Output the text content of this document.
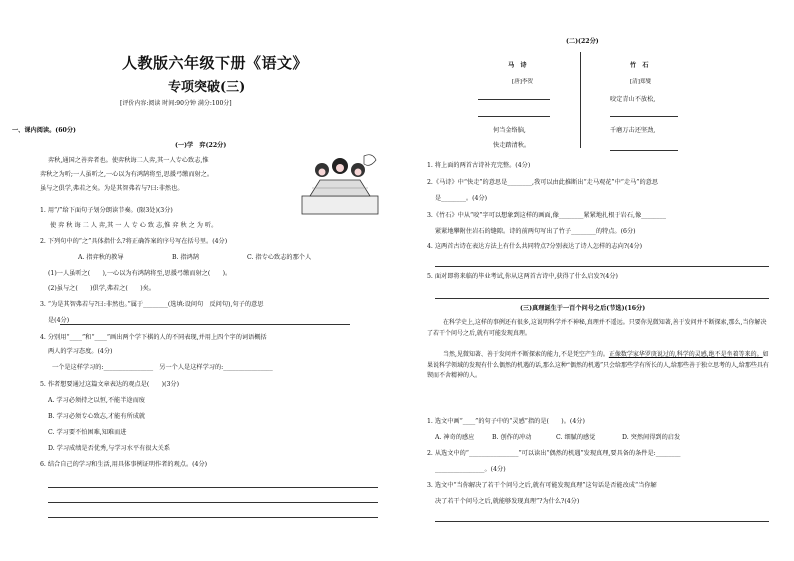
人教版六年级下册《语文》
专项突破(三)
[评价内容:阅读 时间:90分钟 满分:100分]
一、课内阅读。(60分)
(一)学　弈(22分)
弈秋,通国之善弈者也。使弈秋诲二人弈,其一人专心致志,惟
弈秋之为听;一人虽听之,一心以为有鸿鹄将至,思援弓缴而射之。
虽与之俱学,弗若之矣。为是其智弗若与?曰:非然也。
1. 用“/”给下面句子划分朗读节奏。(限3处)(3分)
使 弈 秋 诲 二 人 弈,其 一 人 专 心 致 志,惟 弈 秋 之 为 听。
2. 下列句中的“之”具体指什么?将正确答案的序号写在括号里。(4分)
A. 指弈秋的教导	B. 指鸿鹄	C. 指专心致志的那个人
(1)一人虽听之(　　),一心以为有鸿鹄将至,思援弓缴而射之(　　)。
(2)虽与之(　　)俱学,弗若之(　　)矣。
3. “为是其智弗若与?曰:非然也。”属于________(选填:设问句　反问句),句子的意思
是(4分)
4. 分别用“____”和“____”画出两个学下棋的人的不同表现,并用上四个字的词语概括
两人的学习态度。(4分)
一个是这样学习的:________________　另一个人是这样学习的:________________
5. 作者想要通过这篇文章表达的观点是(　　)(3分)
A. 学习必须持之以恒,不能半途而废
B. 学习必须专心致志,才能有所成就
C. 学习要不怕困难,知难而进
D. 学习成绩是否优秀,与学习水平有很大关系
6. 结合自己的学习和生活,用具体事例证明作者的观点。(4分)
(二)(22分)
马　诗
[唐]李贺
何当金络脑,
快走踏清秋。
竹　石
[清]郑燮
咬定青山不放松,
千磨万击还坚劲,
1. 将上面的两首古诗补充完整。(4分)
2.《马诗》中“快走”的意思是________,我可以由此推断出“走马观花”中“走马”的意思
是________。(4分)
3.《竹石》中从“咬”字可以想象到这样的画面,像________紧紧地扎根于岩石,像________
紧紧地攀附住岩石的缝隙。诗的前两句写出了竹子________的特点。(6分)
4. 这两首古诗在表达方法上有什么共同特点?分别表达了诗人怎样的志向?(4分)
5. 面对即将来临的毕业考试,你从这两首古诗中,获得了什么启发?(4分)
(三)真理诞生于一百个问号之后(节选)(16分)
在科学史上,这样的事例还有很多,这说明科学并不神秘,真理并不遥远。只要你见微知著,善于发问并不断探索,那么,当你解决了若干个问号之后,就有可能发现真理。
当然,见微知著、善于发问并不断探索的能力,不是凭空产生的。正像数学家华罗庚说过的,科学的灵感,绝不是坐着等来的。如果说科学领域的发现有什么偶然的机遇的话,那么这种“偶然的机遇”只会给那些学有所长的人,给那些善于独立思考的人,给那些具有锲而不舍精神的人。
1. 选文中画“____”的句子中的“灵感”指的是(　　)。(4分)
A. 神奇的感应	B. 创作的冲动	C. 细腻的感觉	D. 突然间得到的启发
2. 从选文中的“________________”可以读出“偶然的机遇”发现真理,要具备的条件是:________
________________。(4分)
3. 选文中“当你解决了若干个问号之后,就有可能发现真理”这句话是否能改成“当你解
决了若干个问号之后,就能够发现真理”?为什么?(4分)
